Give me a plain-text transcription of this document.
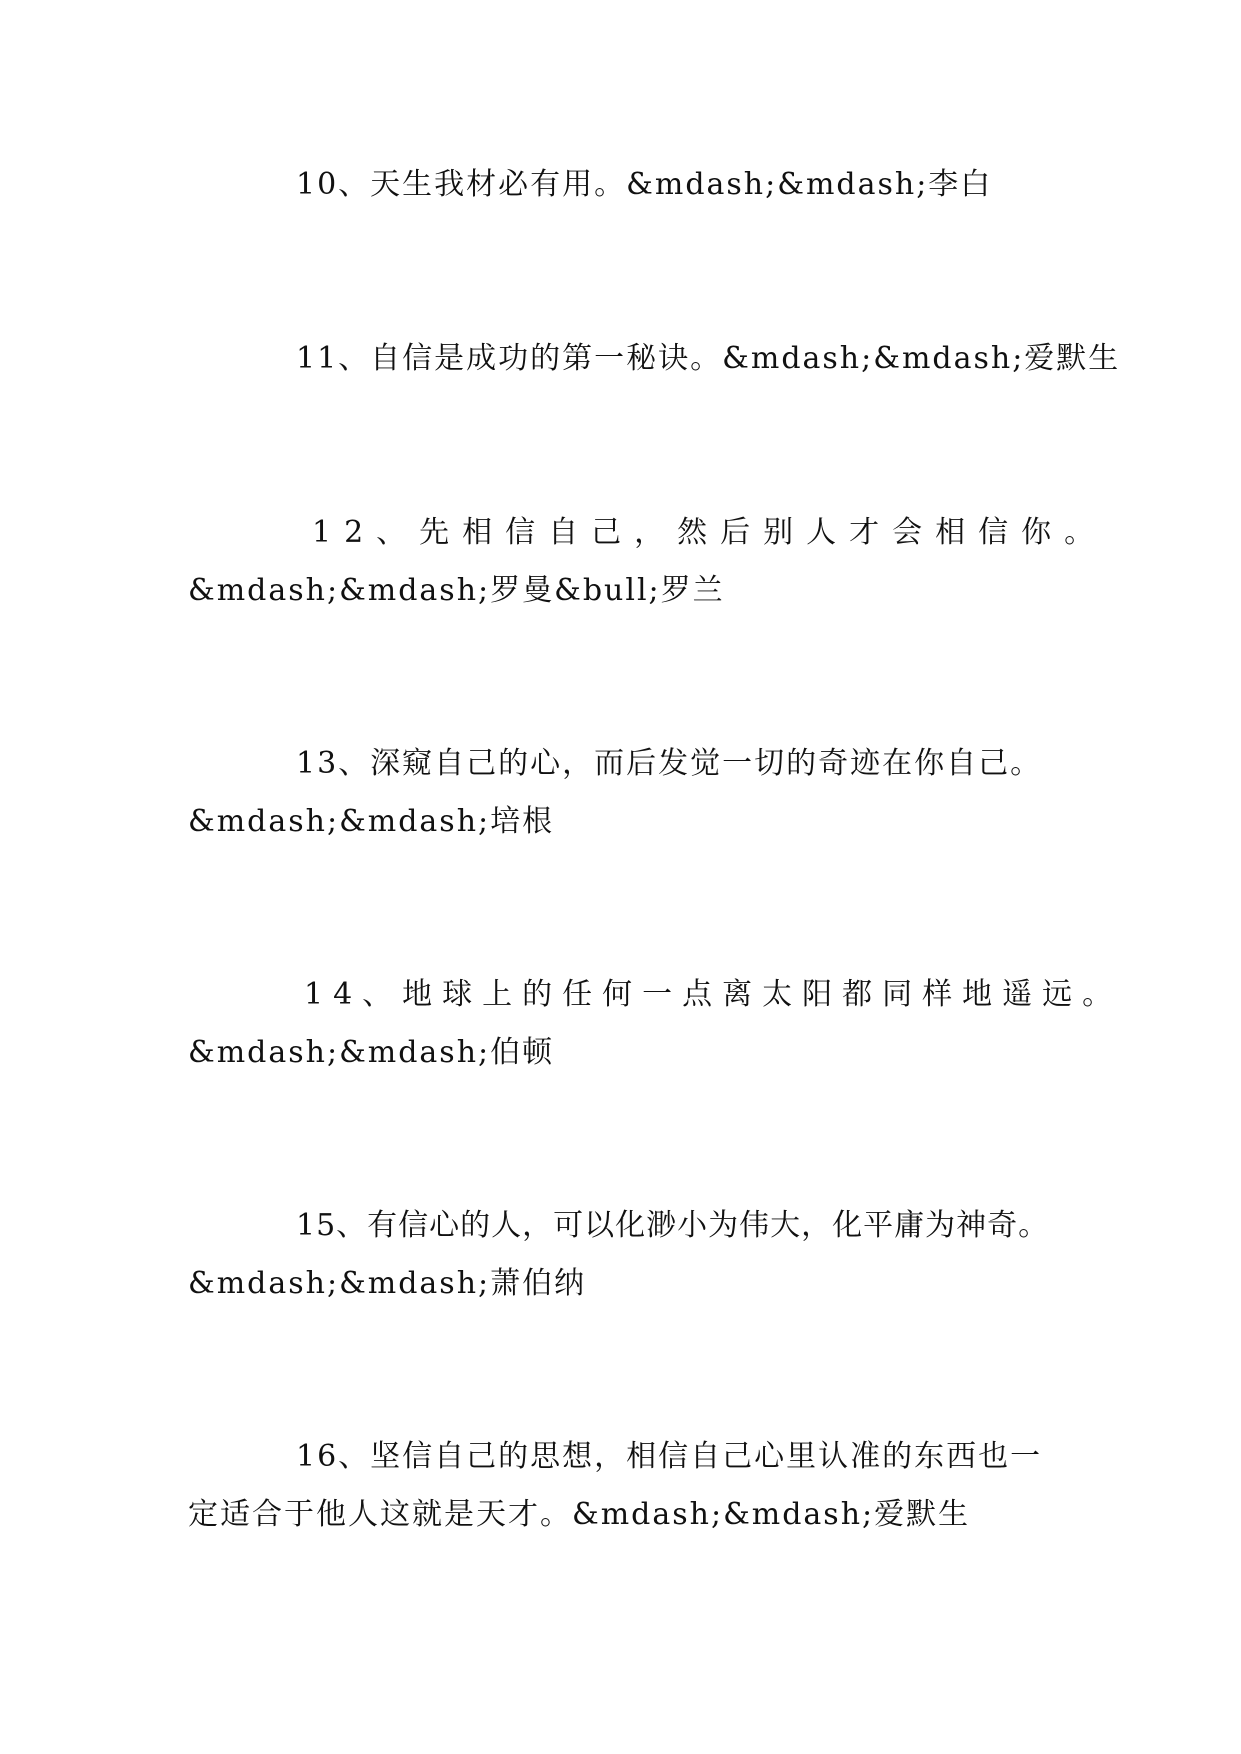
10、天生我材必有用。&mdash;&mdash;李白

11、自信是成功的第一秘诀。&mdash;&mdash;爱默生

12、先相信自己，然后别人才会相信你。
&mdash;&mdash;罗曼&bull;罗兰

13、深窥自己的心，而后发觉一切的奇迹在你自己。
&mdash;&mdash;培根

14、地球上的任何一点离太阳都同样地遥远。
&mdash;&mdash;伯顿

15、有信心的人，可以化渺小为伟大，化平庸为神奇。
&mdash;&mdash;萧伯纳

16、坚信自己的思想，相信自己心里认准的东西也一
定适合于他人这就是天才。&mdash;&mdash;爱默生
